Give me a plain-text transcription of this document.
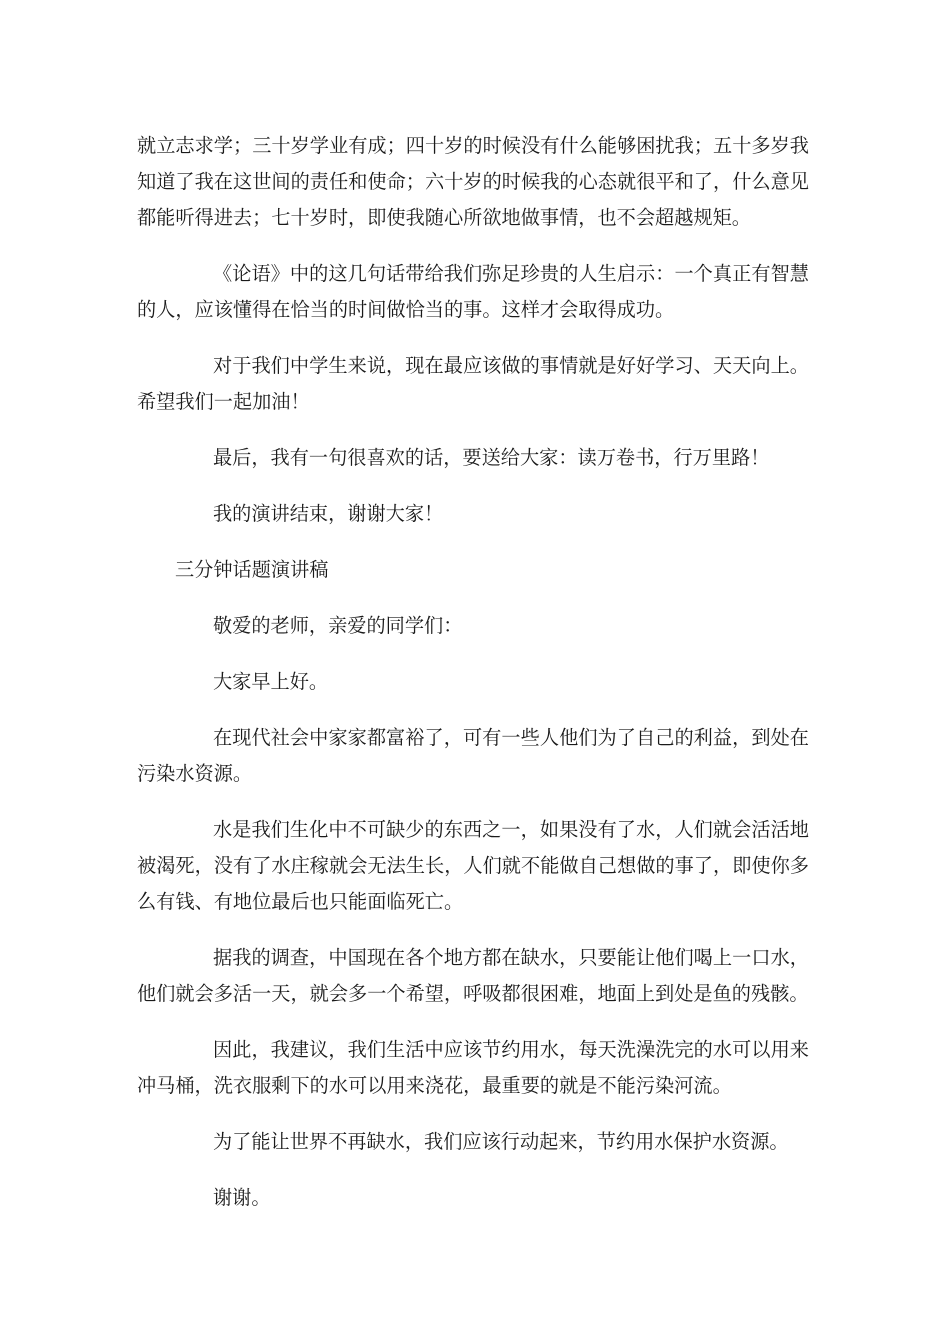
就立志求学；三十岁学业有成；四十岁的时候没有什么能够困扰我；五十多岁我知道了我在这世间的责任和使命；六十岁的时候我的心态就很平和了，什么意见都能听得进去；七十岁时，即使我随心所欲地做事情，也不会超越规矩。

《论语》中的这几句话带给我们弥足珍贵的人生启示：一个真正有智慧的人，应该懂得在恰当的时间做恰当的事。这样才会取得成功。

对于我们中学生来说，现在最应该做的事情就是好好学习、天天向上。希望我们一起加油！

最后，我有一句很喜欢的话，要送给大家：读万卷书，行万里路！

我的演讲结束，谢谢大家！

三分钟话题演讲稿

敬爱的老师，亲爱的同学们：

大家早上好。

在现代社会中家家都富裕了，可有一些人他们为了自己的利益，到处在污染水资源。

水是我们生化中不可缺少的东西之一，如果没有了水，人们就会活活地被渴死，没有了水庄稼就会无法生长，人们就不能做自己想做的事了，即使你多么有钱、有地位最后也只能面临死亡。

据我的调查，中国现在各个地方都在缺水，只要能让他们喝上一口水，他们就会多活一天，就会多一个希望，呼吸都很困难，地面上到处是鱼的残骸。

因此，我建议，我们生活中应该节约用水，每天洗澡洗完的水可以用来冲马桶，洗衣服剩下的水可以用来浇花，最重要的就是不能污染河流。

为了能让世界不再缺水，我们应该行动起来，节约用水保护水资源。

谢谢。
